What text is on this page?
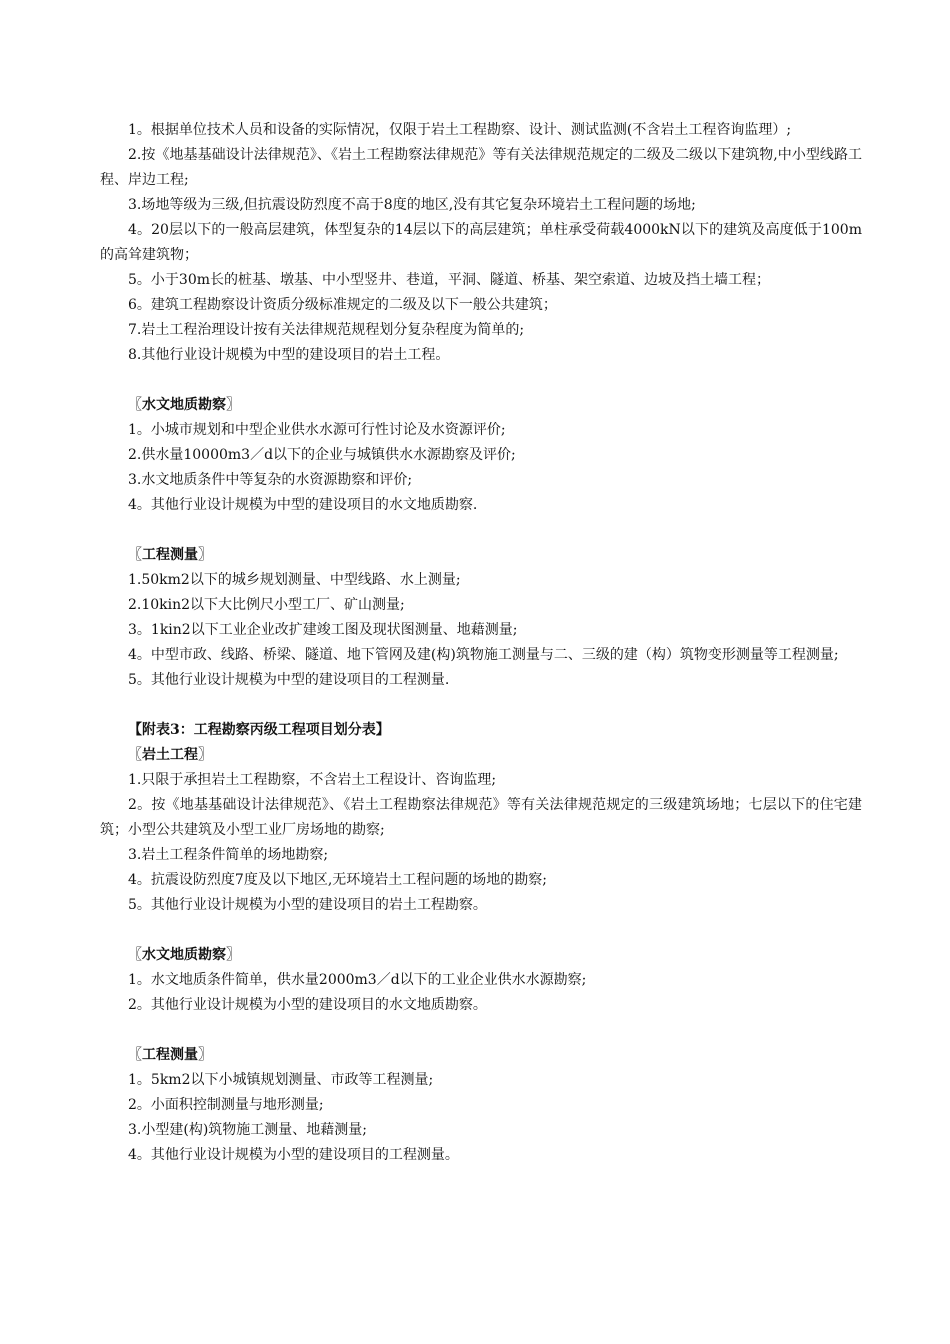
1。根据单位技术人员和设备的实际情况，仅限于岩土工程勘察、设计、测试监测(不含岩土工程咨询监理）;

2.按《地基基础设计法律规范》、《岩土工程勘察法律规范》等有关法律规范规定的二级及二级以下建筑物,中小型线路工程、岸边工程;

3.场地等级为三级,但抗震设防烈度不高于8度的地区,没有其它复杂环境岩土工程问题的场地;

4。20层以下的一般高层建筑，体型复杂的14层以下的高层建筑；单柱承受荷载4000kN以下的建筑及高度低于100m的高耸建筑物；

5。小于30m长的桩基、墩基、中小型竖井、巷道，平洞、隧道、桥基、架空索道、边坡及挡土墙工程；

6。建筑工程勘察设计资质分级标准规定的二级及以下一般公共建筑；

7.岩土工程治理设计按有关法律规范规程划分复杂程度为简单的;

8.其他行业设计规模为中型的建设项目的岩土工程。

〖水文地质勘察〗

1。小城市规划和中型企业供水水源可行性讨论及水资源评价;

2.供水量10000m3／d以下的企业与城镇供水水源勘察及评价;

3.水文地质条件中等复杂的水资源勘察和评价;

4。其他行业设计规模为中型的建设项目的水文地质勘察.

〖工程测量〗

1.50km2以下的城乡规划测量、中型线路、水上测量;

2.10kin2以下大比例尺小型工厂、矿山测量;

3。1kin2以下工业企业改扩建竣工图及现状图测量、地藉测量;

4。中型市政、线路、桥梁、隧道、地下管网及建(构)筑物施工测量与二、三级的建（构）筑物变形测量等工程测量;

5。其他行业设计规模为中型的建设项目的工程测量.

【附表3：工程勘察丙级工程项目划分表】

〖岩土工程〗

1.只限于承担岩土工程勘察，不含岩土工程设计、咨询监理;

2。按《地基基础设计法律规范》、《岩土工程勘察法律规范》等有关法律规范规定的三级建筑场地；七层以下的住宅建筑；小型公共建筑及小型工业厂房场地的勘察;

3.岩土工程条件简单的场地勘察;

4。抗震设防烈度7度及以下地区,无环境岩土工程问题的场地的勘察;

5。其他行业设计规模为小型的建设项目的岩土工程勘察。

〖水文地质勘察〗

1。水文地质条件简单，供水量2000m3／d以下的工业企业供水水源勘察;

2。其他行业设计规模为小型的建设项目的水文地质勘察。

〖工程测量〗

1。5km2以下小城镇规划测量、市政等工程测量;

2。小面积控制测量与地形测量;

3.小型建(构)筑物施工测量、地藉测量;

4。其他行业设计规模为小型的建设项目的工程测量。
